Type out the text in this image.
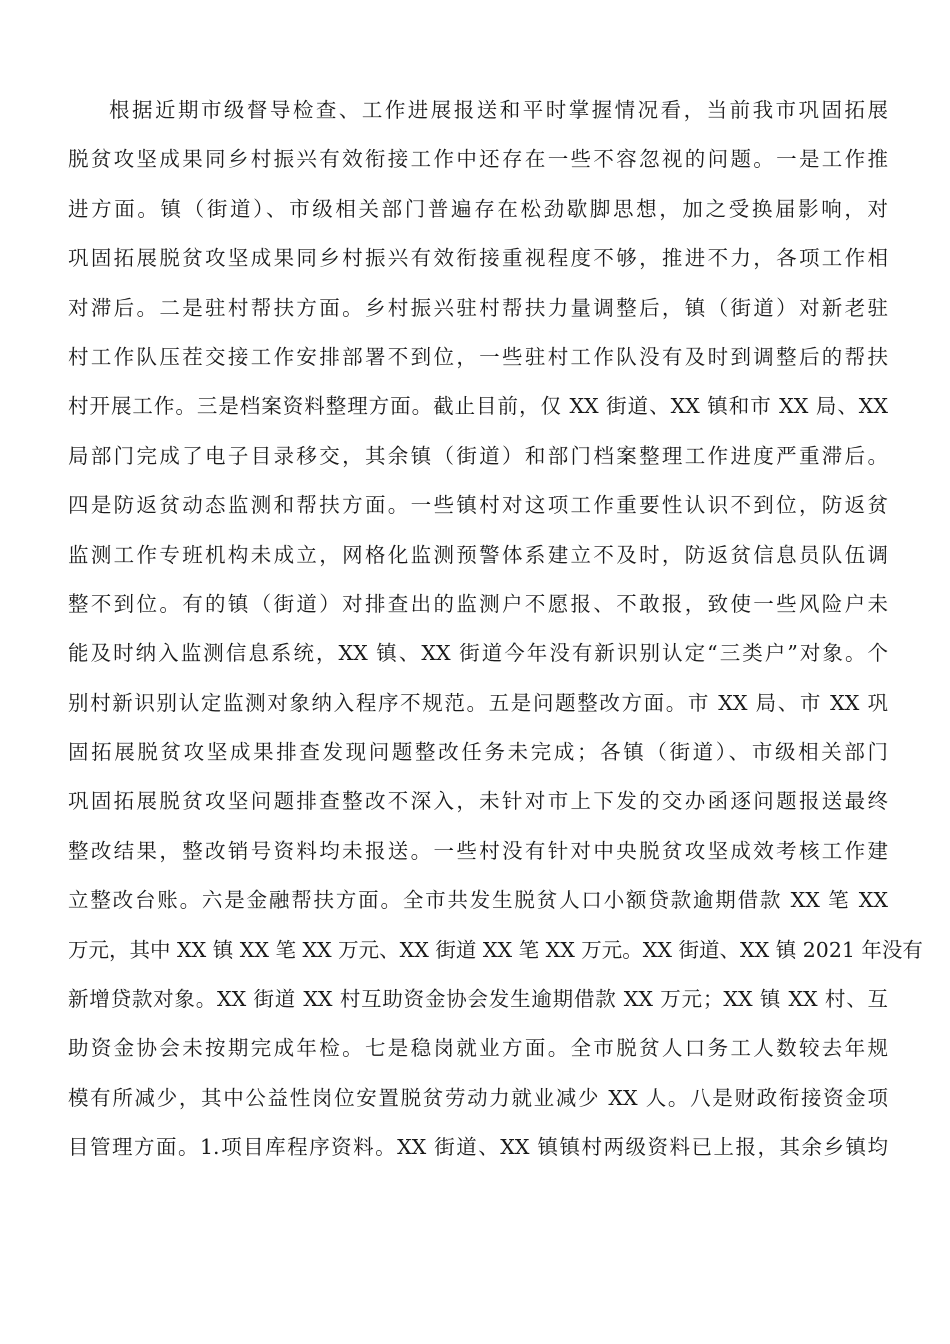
根据近期市级督导检查、工作进展报送和平时掌握情况看，当前我市巩固拓展
脱贫攻坚成果同乡村振兴有效衔接工作中还存在一些不容忽视的问题。一是工作推
进方面。镇（街道）、市级相关部门普遍存在松劲歇脚思想，加之受换届影响，对
巩固拓展脱贫攻坚成果同乡村振兴有效衔接重视程度不够，推进不力，各项工作相
对滞后。二是驻村帮扶方面。乡村振兴驻村帮扶力量调整后，镇（街道）对新老驻
村工作队压茬交接工作安排部署不到位，一些驻村工作队没有及时到调整后的帮扶
村开展工作。三是档案资料整理方面。截止目前，仅 XX 街道、XX 镇和市 XX 局、XX
局部门完成了电子目录移交，其余镇（街道）和部门档案整理工作进度严重滞后。
四是防返贫动态监测和帮扶方面。一些镇村对这项工作重要性认识不到位，防返贫
监测工作专班机构未成立，网格化监测预警体系建立不及时，防返贫信息员队伍调
整不到位。有的镇（街道）对排查出的监测户不愿报、不敢报，致使一些风险户未
能及时纳入监测信息系统，XX 镇、XX 街道今年没有新识别认定“三类户”对象。个
别村新识别认定监测对象纳入程序不规范。五是问题整改方面。市 XX 局、市 XX 巩
固拓展脱贫攻坚成果排查发现问题整改任务未完成；各镇（街道）、市级相关部门
巩固拓展脱贫攻坚问题排查整改不深入，未针对市上下发的交办函逐问题报送最终
整改结果，整改销号资料均未报送。一些村没有针对中央脱贫攻坚成效考核工作建
立整改台账。六是金融帮扶方面。全市共发生脱贫人口小额贷款逾期借款 XX 笔 XX
万元，其中 XX 镇 XX 笔 XX 万元、XX 街道 XX 笔 XX 万元。XX 街道、XX 镇 2021 年没有
新增贷款对象。XX 街道 XX 村互助资金协会发生逾期借款 XX 万元；XX 镇 XX 村、互
助资金协会未按期完成年检。七是稳岗就业方面。全市脱贫人口务工人数较去年规
模有所减少，其中公益性岗位安置脱贫劳动力就业减少 XX 人。八是财政衔接资金项
目管理方面。1.项目库程序资料。XX 街道、XX 镇镇村两级资料已上报，其余乡镇均
